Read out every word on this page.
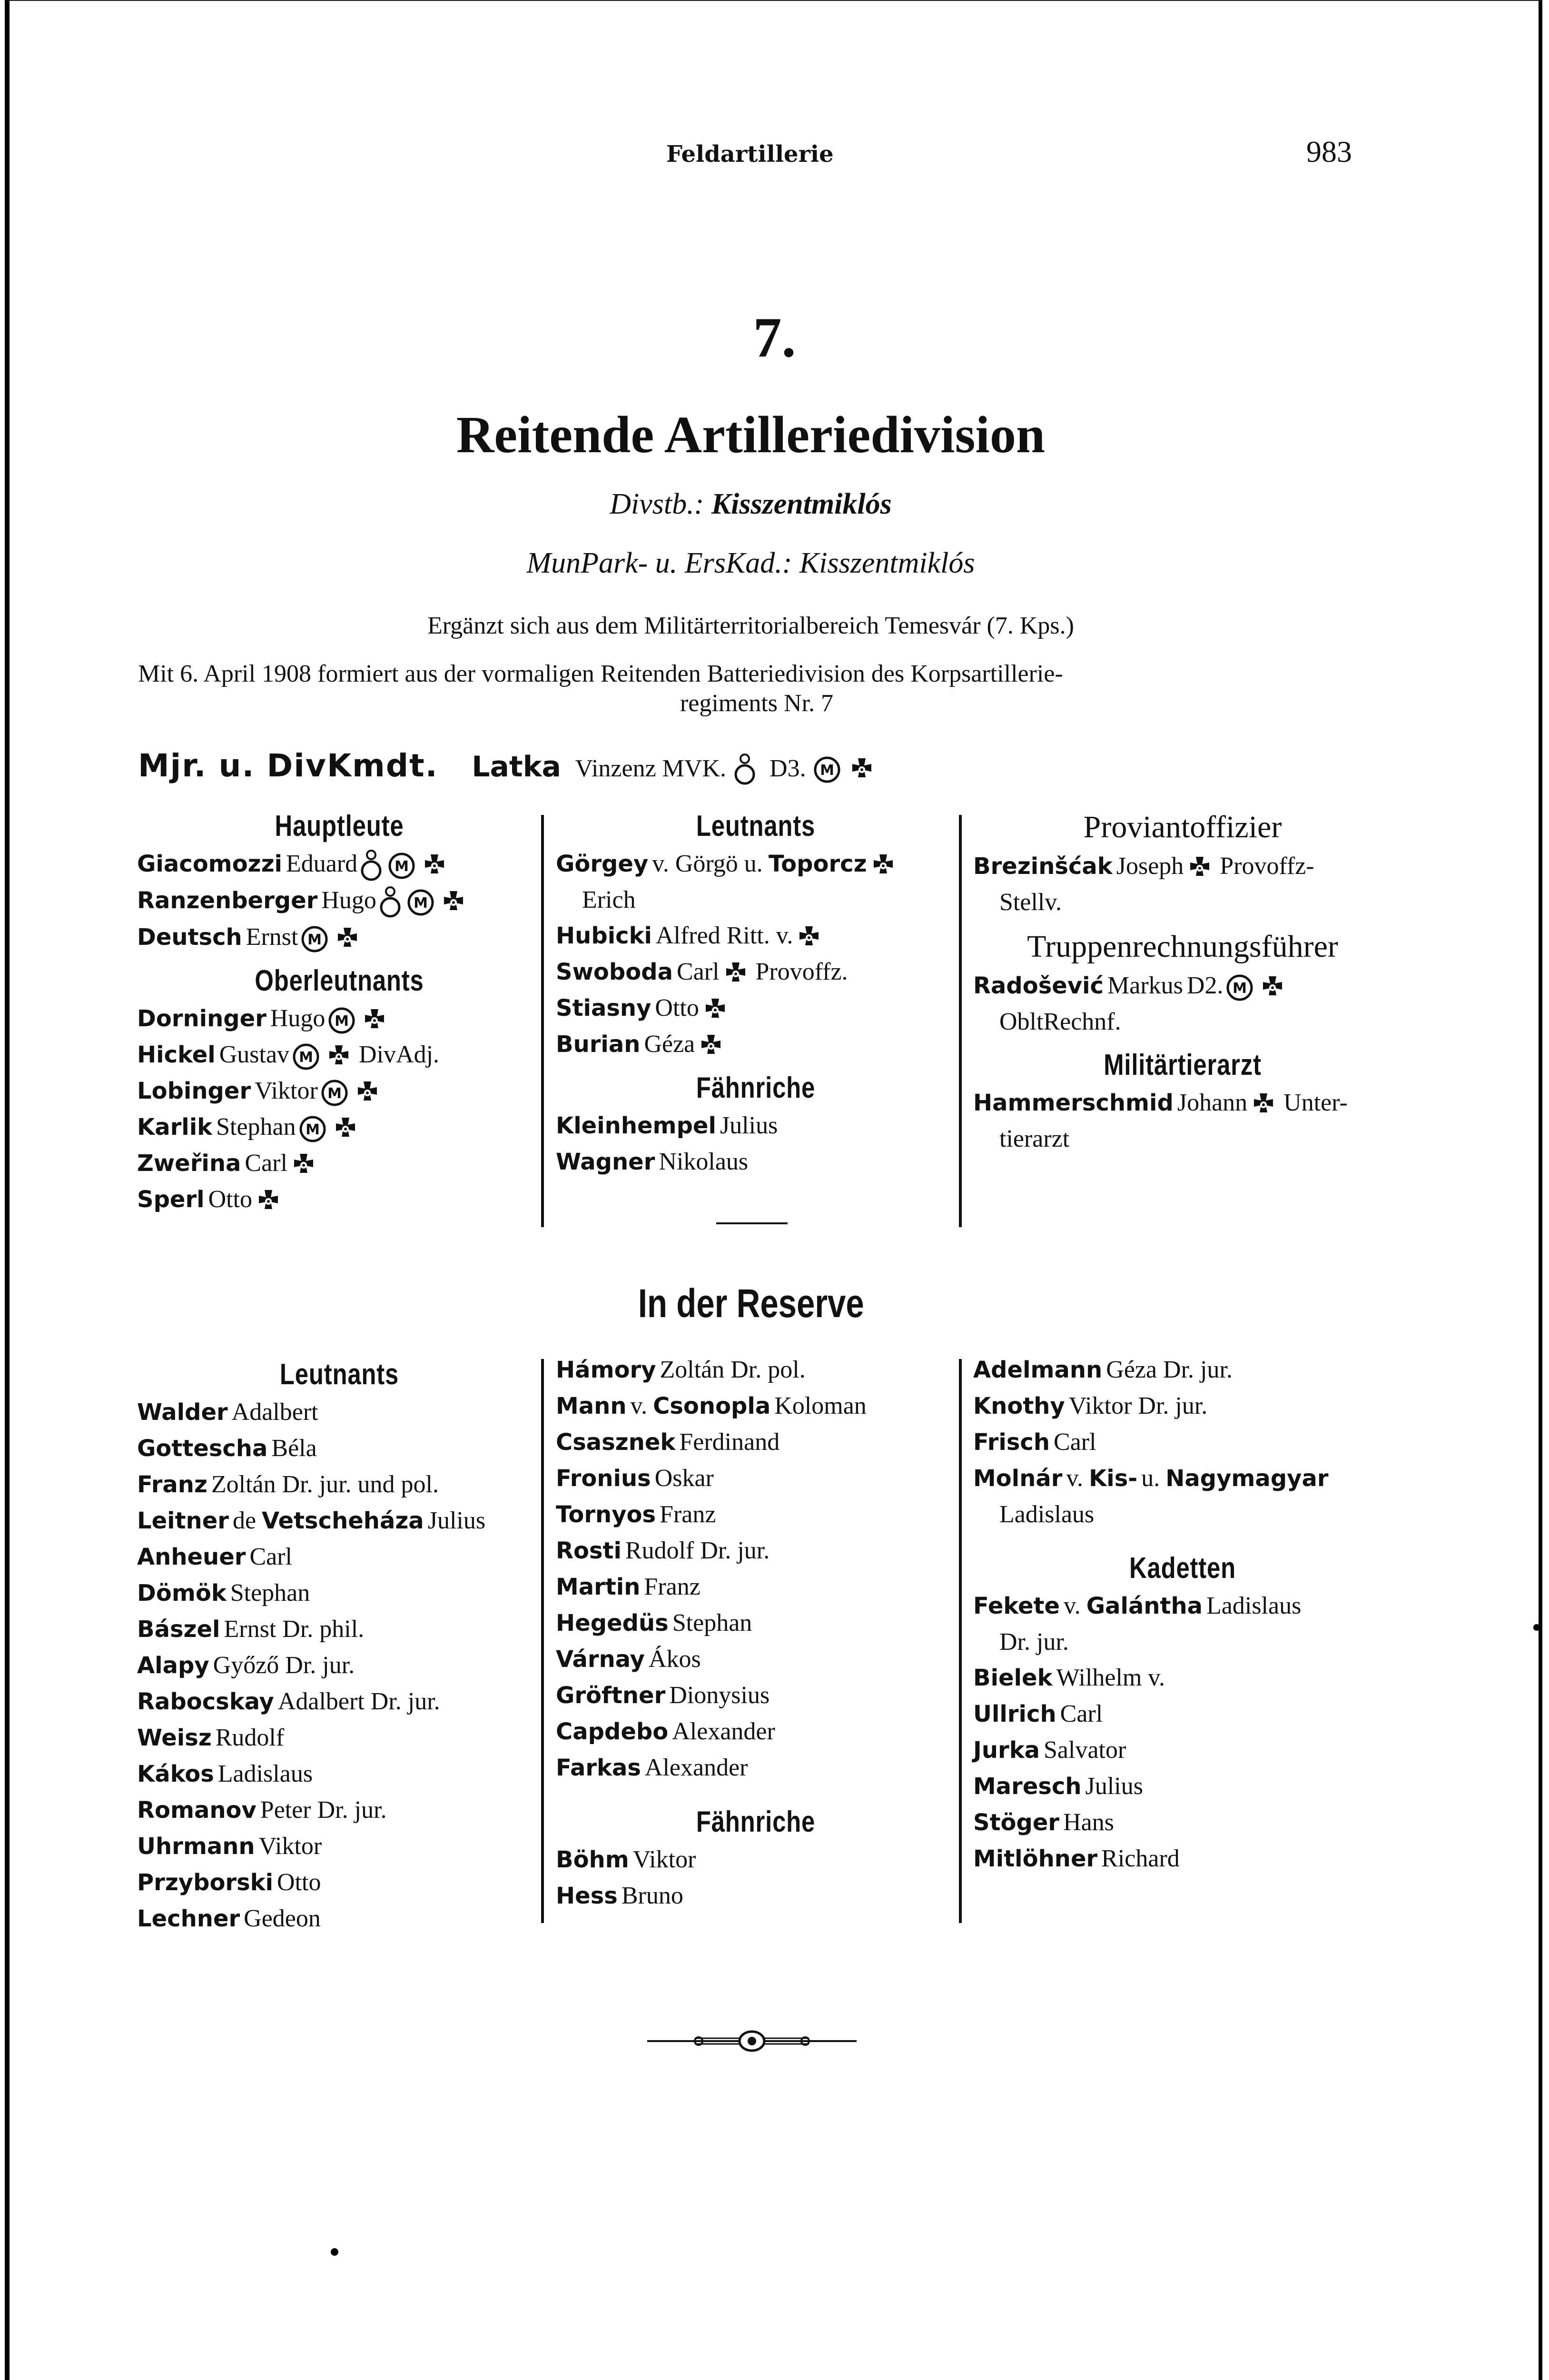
Feldartillerie	983
7.
Reitende Artilleriedivision
Divstb.: Kisszentmiklós
MunPark- u. ErsKad.: Kisszentmiklós
Ergänzt sich aus dem Militärterritorialbereich Temesvár (7. Kps.)
Mit 6. April 1908 formiert aus der vormaligen Reitenden Batteriedivision des Korpsartillerie-
regiments Nr. 7
Mjr. u. DivKmdt. Latka Vinzenz MVK. D3. M

Hauptleute
Giacomozzi Eduard	M
Ranzenberger Hugo	M
Deutsch Ernst M
Oberleutnants
Dorninger Hugo M
Hickel Gustav M DivAdj.
Lobinger Viktor M
Karlik Stephan M
Zweřina Carl
Sperl Otto
Leutnants
Görgey v. Görgö u. Toporcz
Erich
Hubicki Alfred Ritt. v.
Swoboda Carl Provoffz.
Stiasny Otto
Burian Géza
Fähnriche
Kleinhempel Julius
Wagner Nikolaus
Proviantoffizier
Brezinšćak Joseph Provoffz-
Stellv.
Truppenrechnungsführer
Radošević Markus D2. M
ObltRechnf.
Militärtierarzt
Hammerschmid Johann Unter-
tierarzt
In der Reserve
Leutnants
Walder Adalbert
Gottescha Béla
Franz Zoltán Dr. jur. und pol.
Leitner de Vetscheháza Julius
Anheuer Carl
Dömök Stephan
Bászel Ernst Dr. phil.
Alapy Győző Dr. jur.
Rabocskay Adalbert Dr. jur.
Weisz Rudolf
Kákos Ladislaus
Romanov Peter Dr. jur.
Uhrmann Viktor
Przyborski Otto
Lechner Gedeon
Hámory Zoltán Dr. pol.
Mann v. Csonopla Koloman
Csasznek Ferdinand
Fronius Oskar
Tornyos Franz
Rosti Rudolf Dr. jur.
Martin Franz
Hegedüs Stephan
Várnay Ákos
Gröftner Dionysius
Capdebo Alexander
Farkas Alexander
Fähnriche
Böhm Viktor
Hess Bruno
Adelmann Géza Dr. jur.
Knothy Viktor Dr. jur.
Frisch Carl
Molnár v. Kis- u. Nagymagyar
Ladislaus
Kadetten
Fekete v. Galántha Ladislaus
Dr. jur.
Bielek Wilhelm v.
Ullrich Carl
Jurka Salvator
Maresch Julius
Stöger Hans
Mitlöhner Richard
